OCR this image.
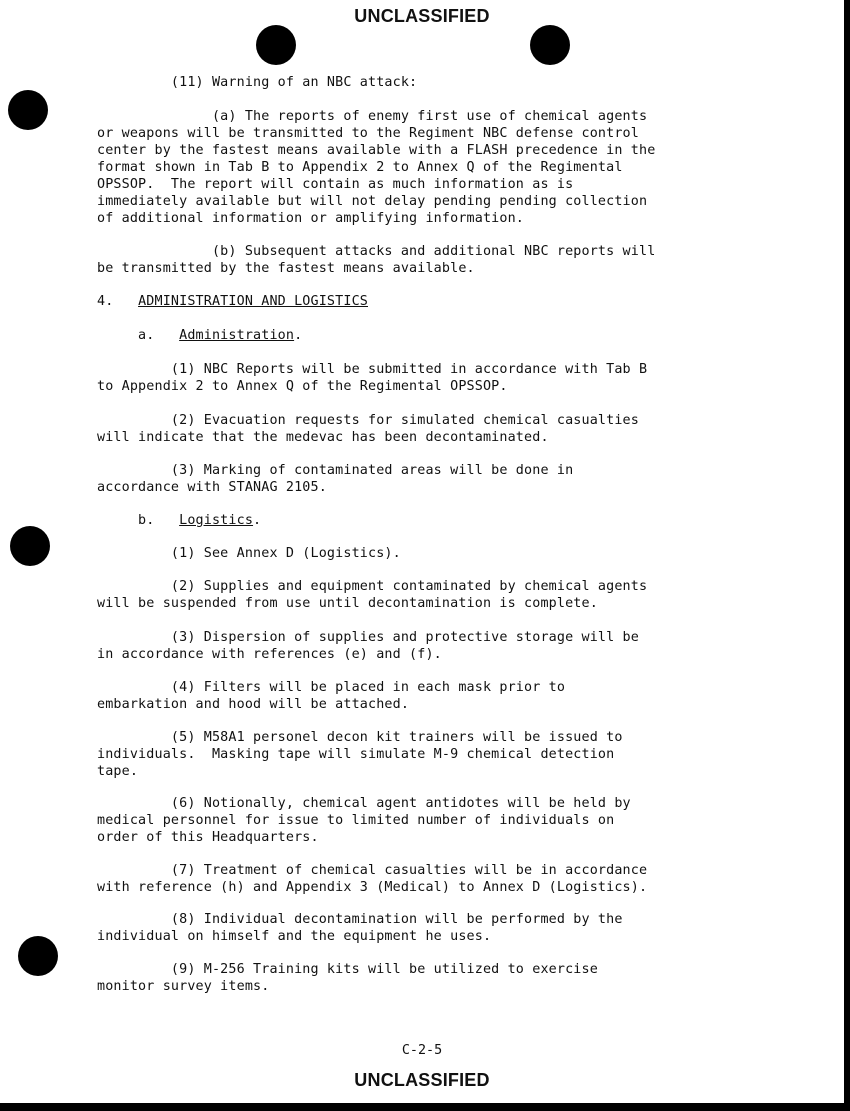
UNCLASSIFIED

(11) Warning of an NBC attack:

(a) The reports of enemy first use of chemical agents
or weapons will be transmitted to the Regiment NBC defense control
center by the fastest means available with a FLASH precedence in the
format shown in Tab B to Appendix 2 to Annex Q of the Regimental
OPSSOP.  The report will contain as much information as is
immediately available but will not delay pending pending collection
of additional information or amplifying information.

(b) Subsequent attacks and additional NBC reports will
be transmitted by the fastest means available.

4.   ADMINISTRATION AND LOGISTICS

a.   Administration.

(1) NBC Reports will be submitted in accordance with Tab B
to Appendix 2 to Annex Q of the Regimental OPSSOP.

(2) Evacuation requests for simulated chemical casualties
will indicate that the medevac has been decontaminated.

(3) Marking of contaminated areas will be done in
accordance with STANAG 2105.

b.   Logistics.

(1) See Annex D (Logistics).

(2) Supplies and equipment contaminated by chemical agents
will be suspended from use until decontamination is complete.

(3) Dispersion of supplies and protective storage will be
in accordance with references (e) and (f).

(4) Filters will be placed in each mask prior to
embarkation and hood will be attached.

(5) M58A1 personel decon kit trainers will be issued to
individuals.  Masking tape will simulate M-9 chemical detection
tape.

(6) Notionally, chemical agent antidotes will be held by
medical personnel for issue to limited number of individuals on
order of this Headquarters.

(7) Treatment of chemical casualties will be in accordance
with reference (h) and Appendix 3 (Medical) to Annex D (Logistics).

(8) Individual decontamination will be performed by the
individual on himself and the equipment he uses.

(9) M-256 Training kits will be utilized to exercise
monitor survey items.

C-2-5
UNCLASSIFIED
